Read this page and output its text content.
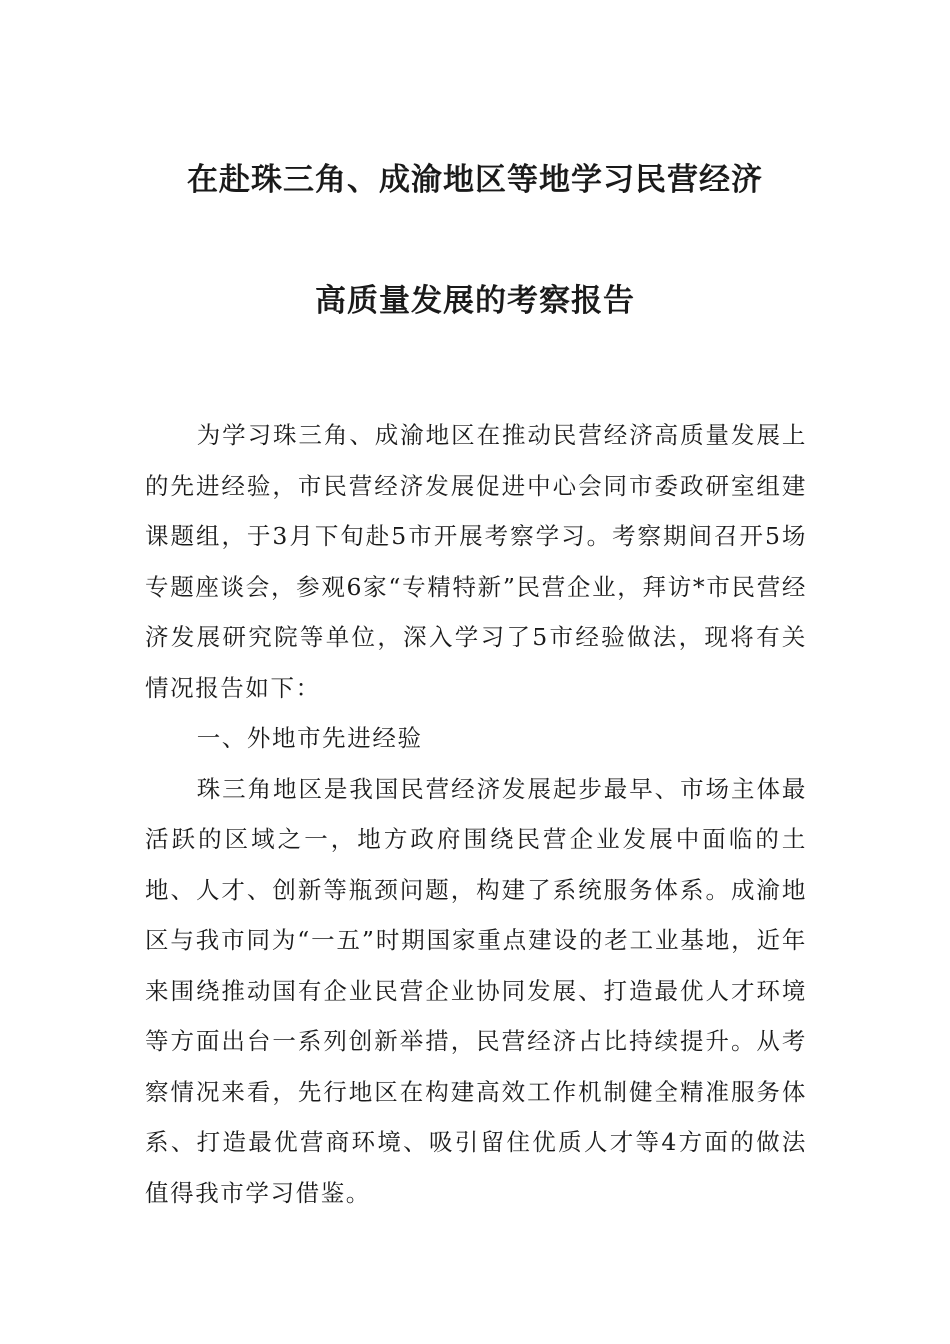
在赴珠三角、成渝地区等地学习民营经济
高质量发展的考察报告

为学习珠三角、成渝地区在推动民营经济高质量发展上的先进经验，市民营经济发展促进中心会同市委政研室组建课题组，于3月下旬赴5市开展考察学习。考察期间召开5场专题座谈会，参观6家“专精特新”民营企业，拜访*市民营经济发展研究院等单位，深入学习了5市经验做法，现将有关情况报告如下：

一、外地市先进经验

珠三角地区是我国民营经济发展起步最早、市场主体最活跃的区域之一，地方政府围绕民营企业发展中面临的土地、人才、创新等瓶颈问题，构建了系统服务体系。成渝地区与我市同为“一五”时期国家重点建设的老工业基地，近年来围绕推动国有企业民营企业协同发展、打造最优人才环境等方面出台一系列创新举措，民营经济占比持续提升。从考察情况来看，先行地区在构建高效工作机制健全精准服务体系、打造最优营商环境、吸引留住优质人才等4方面的做法值得我市学习借鉴。
